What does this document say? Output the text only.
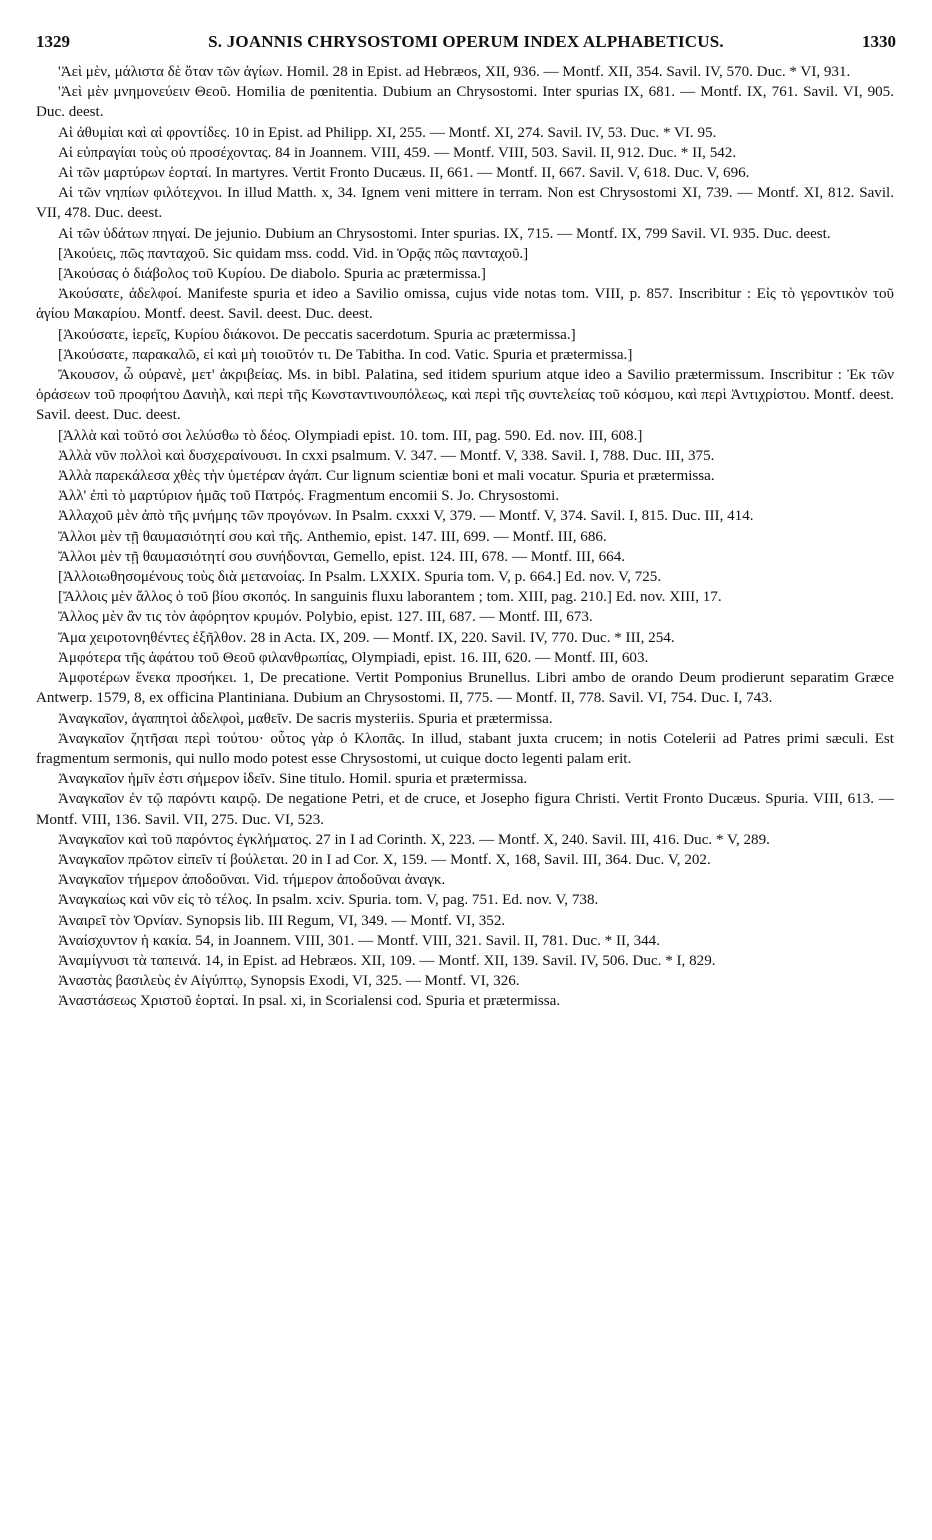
1329	S. JOANNIS CHRYSOSTOMI OPERUM INDEX ALPHABETICUS.	1330

'Ἀεὶ μὲν, μάλιστα δὲ ὅταν τῶν ἁγίων. Homil. 28 in Epist. ad Hebræos, XII, 936. — Montf. XII, 354. Savil. IV, 570. Duc. * VI, 931.

'Ἀεὶ μὲν μνημονεύειν Θεοῦ. Homilia de pœnitentia. Dubium an Chrysostomi. Inter spurias IX, 681. — Montf. IX, 761. Savil. VI, 905. Duc. deest.

Αἱ ἀθυμίαι καὶ αἱ φροντίδες. 10 in Epist. ad Philipp. XI, 255. — Montf. XI, 274. Savil. IV, 53. Duc. * VI. 95.

Αἱ εὐπραγίαι τοὺς οὐ προσέχοντας. 84 in Joannem. VIII, 459. — Montf. VIII, 503. Savil. II, 912. Duc. * II, 542.

Αἱ τῶν μαρτύρων ἑορταί. In martyres. Vertit Fronto Ducæus. II, 661. — Montf. II, 667. Savil. V, 618. Duc. V, 696.

Αἱ τῶν νηπίων φιλότεχνοι. In illud Matth. x, 34. Ignem veni mittere in terram. Non est Chrysostomi XI, 739. — Montf. XI, 812. Savil. VII, 478. Duc. deest.

Αἱ τῶν ὑδάτων πηγαί. De jejunio. Dubium an Chrysostomi. Inter spurias. IX, 715. — Montf. IX, 799 Savil. VI. 935. Duc. deest.

[Ἀκούεις, πῶς πανταχοῦ. Sic quidam mss. codd. Vid. in Ὁρᾷς πῶς πανταχοῦ.]

[Ἀκούσας ὁ διάβολος τοῦ Κυρίου. De diabolo. Spuria ac prætermissa.]

Ἀκούσατε, ἀδελφοί. Manifeste spuria et ideo a Savilio omissa, cujus vide notas tom. VIII, p. 857. Inscribitur : Εἰς τὸ γεροντικὸν τοῦ ἁγίου Μακαρίου. Montf. deest. Savil. deest. Duc. deest.

[Ἀκούσατε, ἱερεῖς, Κυρίου διάκονοι. De peccatis sacerdotum. Spuria ac prætermissa.]

[Ἀκούσατε, παρακαλῶ, εἰ καὶ μὴ τοιοῦτόν τι. De Tabitha. In cod. Vatic. Spuria et prætermissa.]

Ἄκουσον, ὦ οὐρανὲ, μετ' ἀκριβείας. Ms. in bibl. Palatina, sed itidem spurium atque ideo a Savilio prætermissum. Inscribitur : Ἐκ τῶν ὁράσεων τοῦ προφήτου Δανιὴλ, καὶ περὶ τῆς Κωνσταντινουπόλεως, καὶ περὶ τῆς συντελείας τοῦ κόσμου, καὶ περὶ Ἀντιχρίστου. Montf. deest. Savil. deest. Duc. deest.

[Ἀλλὰ καὶ τοῦτό σοι λελύσθω τὸ δέος. Olympiadi epist. 10. tom. III, pag. 590. Ed. nov. III, 608.]

Ἀλλὰ νῦν πολλοὶ καὶ δυσχεραίνουσι. In cxxi psalmum. V. 347. — Montf. V, 338. Savil. I, 788. Duc. III, 375.

Ἀλλὰ παρεκάλεσα χθὲς τὴν ὑμετέραν ἀγάπ. Cur lignum scientiæ boni et mali vocatur. Spuria et prætermissa.

Ἀλλ' ἐπὶ τὸ μαρτύριον ἡμᾶς τοῦ Πατρός. Fragmentum encomii S. Jo. Chrysostomi.

Ἀλλαχοῦ μὲν ἀπὸ τῆς μνήμης τῶν προγόνων. In Psalm. cxxxi V, 379. — Montf. V, 374. Savil. I, 815. Duc. III, 414.

Ἄλλοι μὲν τῇ θαυμασιότητί σου καὶ τῆς. Anthemio, epist. 147. III, 699. — Montf. III, 686.

Ἄλλοι μὲν τῇ θαυμασιότητί σου συνήδονται, Gemello, epist. 124. III, 678. — Montf. III, 664.

[Ἀλλοιωθησομένους τοὺς διὰ μετανοίας. In Psalm. LXXIX. Spuria tom. V, p. 664.] Ed. nov. V, 725.

[Ἄλλοις μὲν ἄλλος ὁ τοῦ βίου σκοπός. In sanguinis fluxu laborantem ; tom. XIII, pag. 210.] Ed. nov. XIII, 17.

Ἄλλος μὲν ἂν τις τὸν ἀφόρητον κρυμόν. Polybio, epist. 127. III, 687. — Montf. III, 673.

Ἅμα χειροτονηθέντες ἐξῆλθον. 28 in Acta. IX, 209. — Montf. IX, 220. Savil. IV, 770. Duc. * III, 254.

Ἀμφότερα τῆς ἀφάτου τοῦ Θεοῦ φιλανθρωπίας, Olympiadi, epist. 16. III, 620. — Montf. III, 603.

Ἀμφοτέρων ἕνεκα προσήκει. 1, De precatione. Vertit Pomponius Brunellus. Libri ambo de orando Deum prodierunt separatim Græce Antwerp. 1579, 8, ex officina Plantiniana. Dubium an Chrysostomi. II, 775. — Montf. II, 778. Savil. VI, 754. Duc. I, 743.

Ἀναγκαῖον, ἀγαπητοὶ ἀδελφοὶ, μαθεῖν. De sacris mysteriis. Spuria et prætermissa.

Ἀναγκαῖον ζητῆσαι περὶ τούτου· οὗτος γὰρ ὁ Κλοπᾶς. In illud, stabant juxta crucem; in notis Cotelerii ad Patres primi sæculi. Est fragmentum sermonis, qui nullo modo potest esse Chrysostomi, ut cuique docto legenti palam erit.

Ἀναγκαῖον ἡμῖν ἐστι σήμερον ἰδεῖν. Sine titulo. Homil. spuria et prætermissa.

Ἀναγκαῖον ἐν τῷ παρόντι καιρῷ. De negatione Petri, et de cruce, et Josepho figura Christi. Vertit Fronto Ducæus. Spuria. VIII, 613. — Montf. VIII, 136. Savil. VII, 275. Duc. VI, 523.

Ἀναγκαῖον καὶ τοῦ παρόντος ἐγκλήματος. 27 in I ad Corinth. X, 223. — Montf. X, 240. Savil. III, 416. Duc. * V, 289.

Ἀναγκαῖον πρῶτον εἰπεῖν τί βούλεται. 20 in I ad Cor. X, 159. — Montf. X, 168, Savil. III, 364. Duc. V, 202.

Ἀναγκαῖον τήμερον ἀποδοῦναι. Vid. τήμερον ἀποδοῦναι ἀναγκ.

Ἀναγκαίως καὶ νῦν εἰς τὸ τέλος. In psalm. xciv. Spuria. tom. V, pag. 751. Ed. nov. V, 738.

Ἀναιρεῖ τὸν Ὀρνίαν. Synopsis lib. III Regum, VI, 349. — Montf. VI, 352.

Ἀναίσχυντον ἡ κακία. 54, in Joannem. VIII, 301. — Montf. VIII, 321. Savil. II, 781. Duc. * II, 344.

Ἀναμίγνυσι τὰ ταπεινά. 14, in Epist. ad Hebræos. XII, 109. — Montf. XII, 139. Savil. IV, 506. Duc. * I, 829.

Ἀναστὰς βασιλεὺς ἐν Αἰγύπτῳ, Synopsis Exodi, VI, 325. — Montf. VI, 326.

Ἀναστάσεως Χριστοῦ ἑορταί. In psal. xi, in Scorialensi cod. Spuria et prætermissa.
